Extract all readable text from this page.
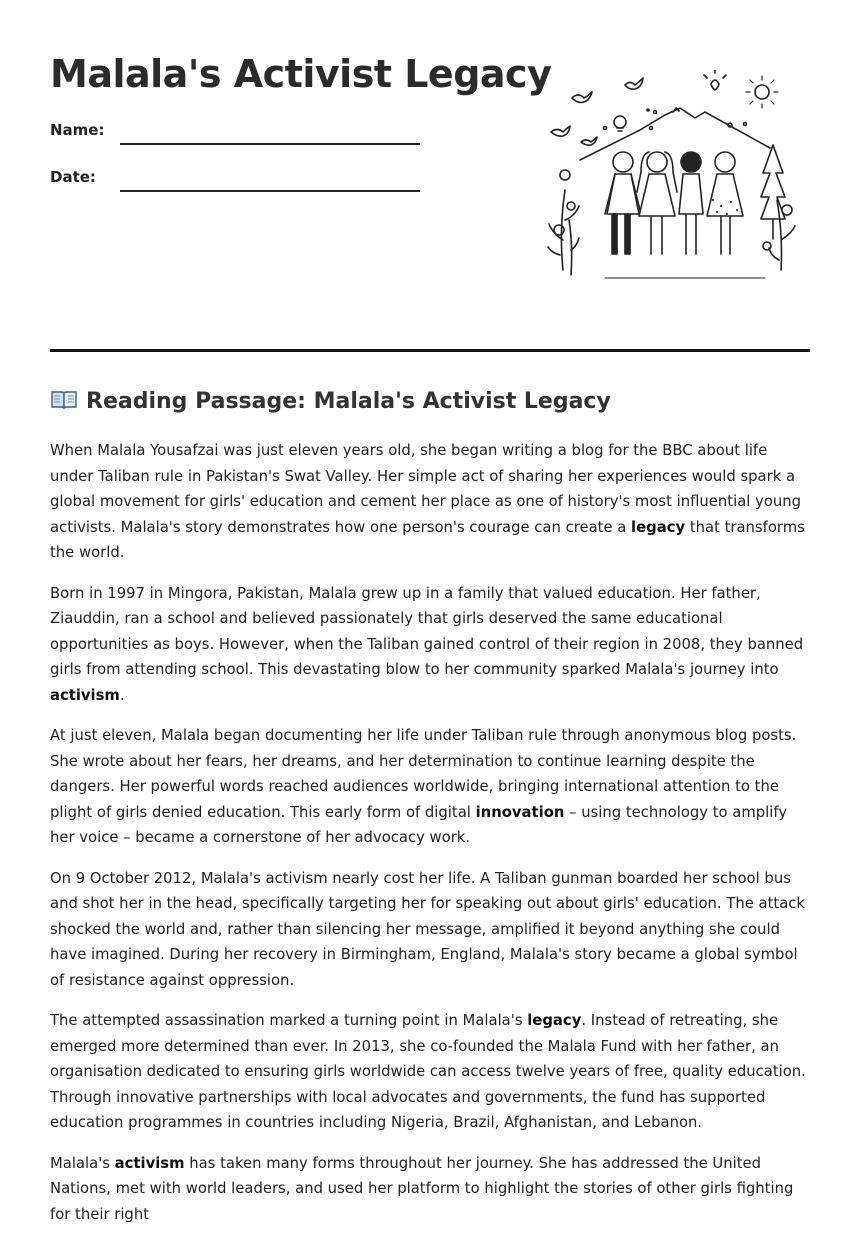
Malala's Activist Legacy
Name:
Date:
Reading Passage: Malala's Activist Legacy

When Malala Yousafzai was just eleven years old, she began writing a blog for the BBC about life under Taliban rule in Pakistan's Swat Valley. Her simple act of sharing her experiences would spark a global movement for girls' education and cement her place as one of history's most influential young activists. Malala's story demonstrates how one person's courage can create a legacy that transforms the world.

Born in 1997 in Mingora, Pakistan, Malala grew up in a family that valued education. Her father, Ziauddin, ran a school and believed passionately that girls deserved the same educational opportunities as boys. However, when the Taliban gained control of their region in 2008, they banned girls from attending school. This devastating blow to her community sparked Malala's journey into activism.

At just eleven, Malala began documenting her life under Taliban rule through anonymous blog posts. She wrote about her fears, her dreams, and her determination to continue learning despite the dangers. Her powerful words reached audiences worldwide, bringing international attention to the plight of girls denied education. This early form of digital innovation – using technology to amplify her voice – became a cornerstone of her advocacy work.

On 9 October 2012, Malala's activism nearly cost her life. A Taliban gunman boarded her school bus and shot her in the head, specifically targeting her for speaking out about girls' education. The attack shocked the world and, rather than silencing her message, amplified it beyond anything she could have imagined. During her recovery in Birmingham, England, Malala's story became a global symbol of resistance against oppression.

The attempted assassination marked a turning point in Malala's legacy. Instead of retreating, she emerged more determined than ever. In 2013, she co-founded the Malala Fund with her father, an organisation dedicated to ensuring girls worldwide can access twelve years of free, quality education. Through innovative partnerships with local advocates and governments, the fund has supported education programmes in countries including Nigeria, Brazil, Afghanistan, and Lebanon.

Malala's activism has taken many forms throughout her journey. She has addressed the United Nations, met with world leaders, and used her platform to highlight the stories of other girls fighting for their right
